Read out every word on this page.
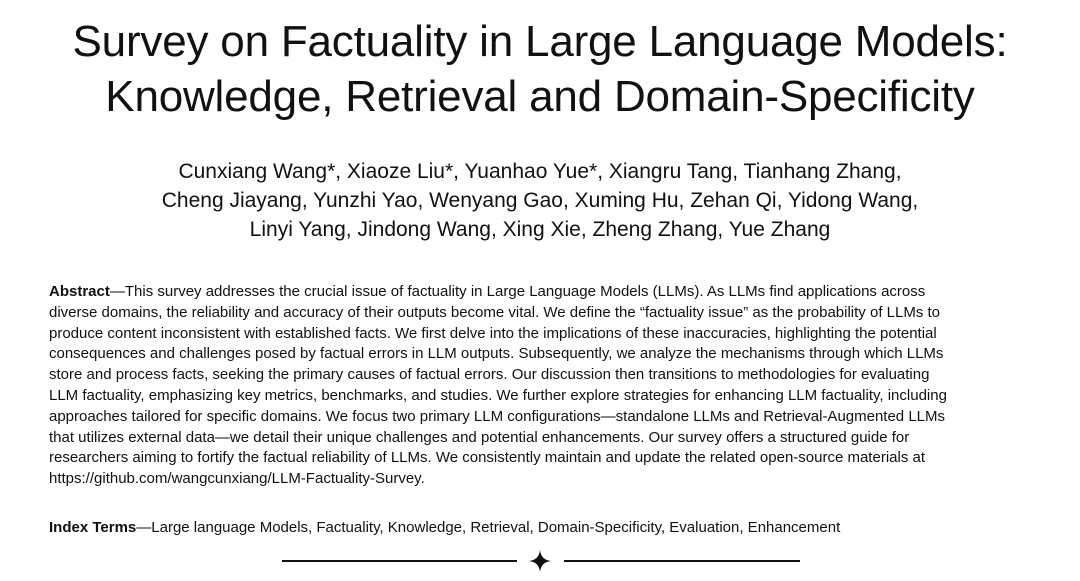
Survey on Factuality in Large Language Models:
Knowledge, Retrieval and Domain-Specificity
Cunxiang Wang*, Xiaoze Liu*, Yuanhao Yue*, Xiangru Tang, Tianhang Zhang,
Cheng Jiayang, Yunzhi Yao, Wenyang Gao, Xuming Hu, Zehan Qi, Yidong Wang,
Linyi Yang, Jindong Wang, Xing Xie, Zheng Zhang, Yue Zhang

Abstract—This survey addresses the crucial issue of factuality in Large Language Models (LLMs). As LLMs find applications across
diverse domains, the reliability and accuracy of their outputs become vital. We define the “factuality issue” as the probability of LLMs to
produce content inconsistent with established facts. We first delve into the implications of these inaccuracies, highlighting the potential
consequences and challenges posed by factual errors in LLM outputs. Subsequently, we analyze the mechanisms through which LLMs
store and process facts, seeking the primary causes of factual errors. Our discussion then transitions to methodologies for evaluating
LLM factuality, emphasizing key metrics, benchmarks, and studies. We further explore strategies for enhancing LLM factuality, including
approaches tailored for specific domains. We focus two primary LLM configurations—standalone LLMs and Retrieval-Augmented LLMs
that utilizes external data—we detail their unique challenges and potential enhancements. Our survey offers a structured guide for
researchers aiming to fortify the factual reliability of LLMs. We consistently maintain and update the related open-source materials at
https://github.com/wangcunxiang/LLM-Factuality-Survey.

Index Terms—Large language Models, Factuality, Knowledge, Retrieval, Domain-Specificity, Evaluation, Enhancement
